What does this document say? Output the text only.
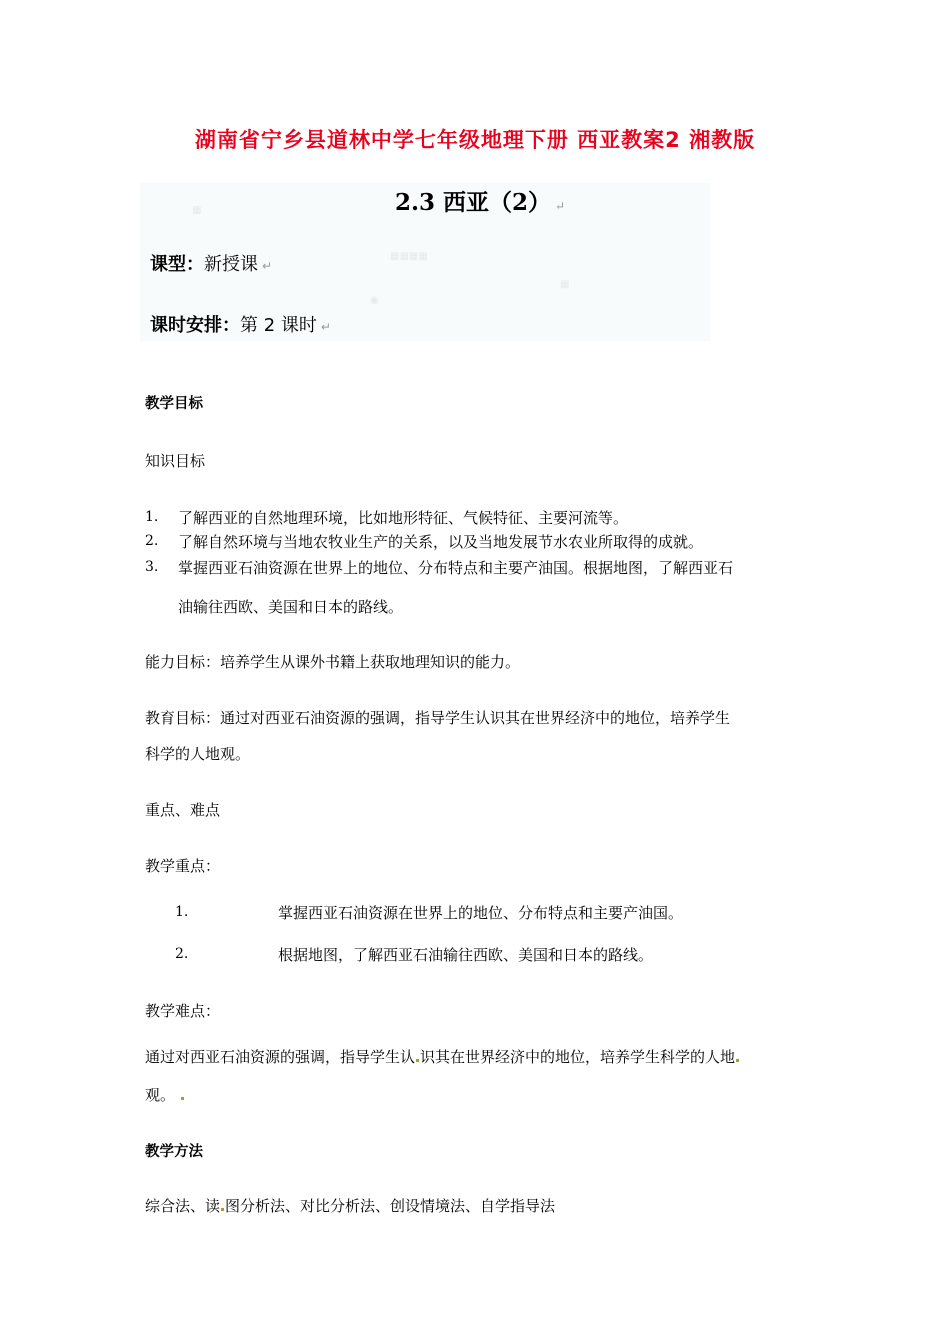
湖南省宁乡县道林中学七年级地理下册 西亚教案2 湘教版
▦
▦▦▦▦
◉
▦
2.3 西亚（2） ↵
课型：新授课 ↵
课时安排：第 2 课时 ↵
教学目标
知识目标
1. 了解西亚的自然地理环境，比如地形特征、气候特征、主要河流等。
2. 了解自然环境与当地农牧业生产的关系，以及当地发展节水农业所取得的成就。
3. 掌握西亚石油资源在世界上的地位、分布特点和主要产油国。根据地图，了解西亚石
油输往西欧、美国和日本的路线。
能力目标：培养学生从课外书籍上获取地理知识的能力。
教育目标：通过对西亚石油资源的强调，指导学生认识其在世界经济中的地位，培养学生
科学的人地观。
重点、难点
教学重点：
1.	掌握西亚石油资源在世界上的地位、分布特点和主要产油国。
2.	根据地图，了解西亚石油输往西欧、美国和日本的路线。
教学难点：
通过对西亚石油资源的强调，指导学生认 识其在世界经济中的地位，培养学生科学的人地
观。
教学方法
综合法、读 图分析法、对比分析法、创设情境法、自学指导法
